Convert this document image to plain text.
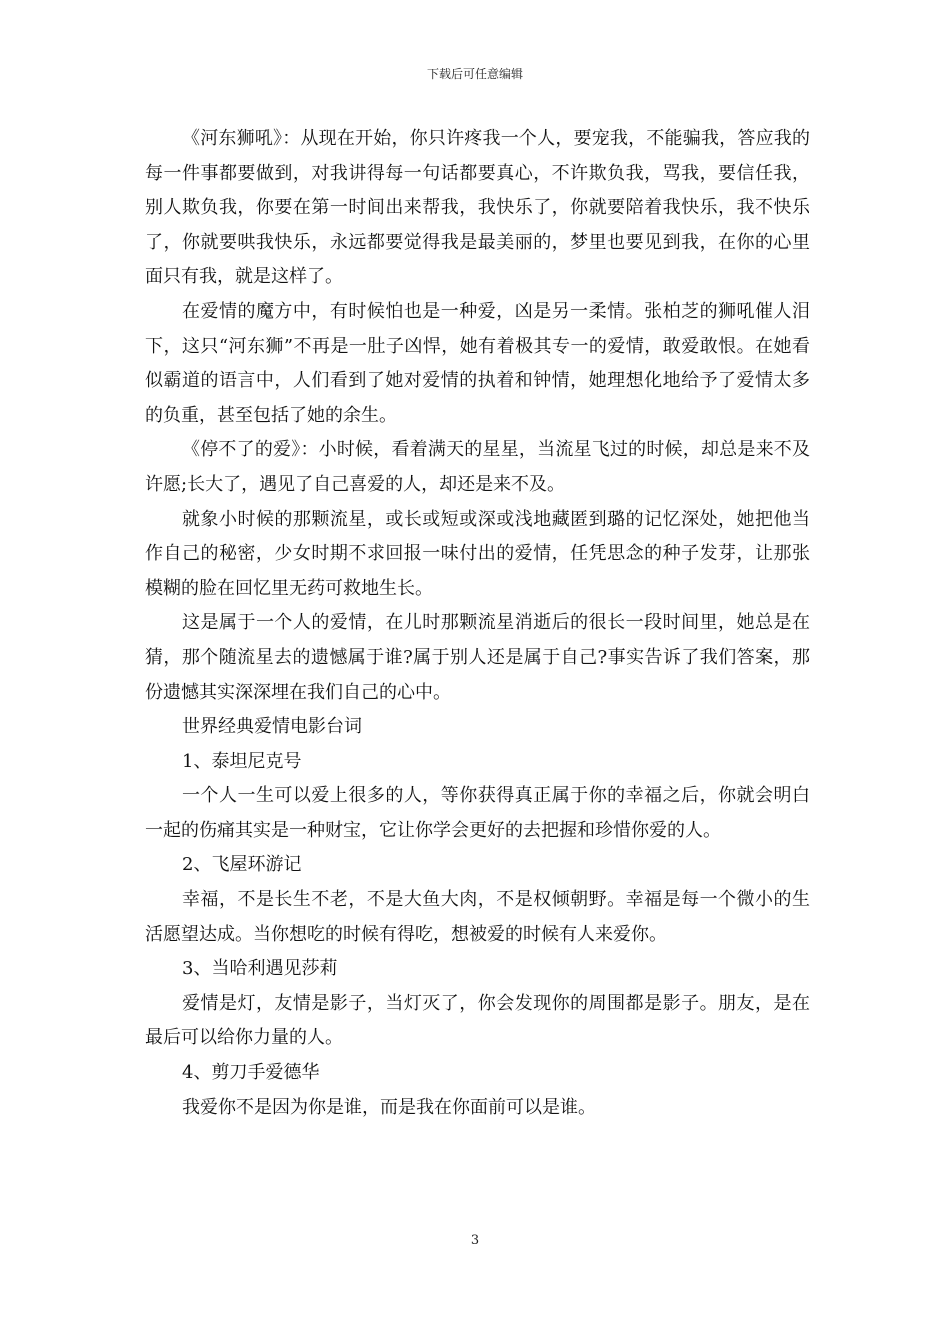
下载后可任意编辑

《河东狮吼》：从现在开始，你只许疼我一个人，要宠我，不能骗我，答应我的每一件事都要做到，对我讲得每一句话都要真心，不许欺负我，骂我，要信任我，别人欺负我，你要在第一时间出来帮我，我快乐了，你就要陪着我快乐，我不快乐了，你就要哄我快乐，永远都要觉得我是最美丽的，梦里也要见到我，在你的心里面只有我，就是这样了。

在爱情的魔方中，有时候怕也是一种爱，凶是另一柔情。张柏芝的狮吼催人泪下，这只“河东狮”不再是一肚子凶悍，她有着极其专一的爱情，敢爱敢恨。在她看似霸道的语言中，人们看到了她对爱情的执着和钟情，她理想化地给予了爱情太多的负重，甚至包括了她的余生。

《停不了的爱》：小时候，看着满天的星星，当流星飞过的时候，却总是来不及许愿;长大了，遇见了自己喜爱的人，却还是来不及。

就象小时候的那颗流星，或长或短或深或浅地藏匿到璐的记忆深处，她把他当作自己的秘密，少女时期不求回报一味付出的爱情，任凭思念的种子发芽，让那张模糊的脸在回忆里无药可救地生长。

这是属于一个人的爱情，在儿时那颗流星消逝后的很长一段时间里，她总是在猜，那个随流星去的遗憾属于谁?属于别人还是属于自己?事实告诉了我们答案，那份遗憾其实深深埋在我们自己的心中。

世界经典爱情电影台词

1、泰坦尼克号

一个人一生可以爱上很多的人，等你获得真正属于你的幸福之后，你就会明白一起的伤痛其实是一种财宝，它让你学会更好的去把握和珍惜你爱的人。

2、飞屋环游记

幸福，不是长生不老，不是大鱼大肉，不是权倾朝野。幸福是每一个微小的生活愿望达成。当你想吃的时候有得吃，想被爱的时候有人来爱你。

3、当哈利遇见莎莉

爱情是灯，友情是影子，当灯灭了，你会发现你的周围都是影子。朋友，是在最后可以给你力量的人。

4、剪刀手爱德华

我爱你不是因为你是谁，而是我在你面前可以是谁。

3
